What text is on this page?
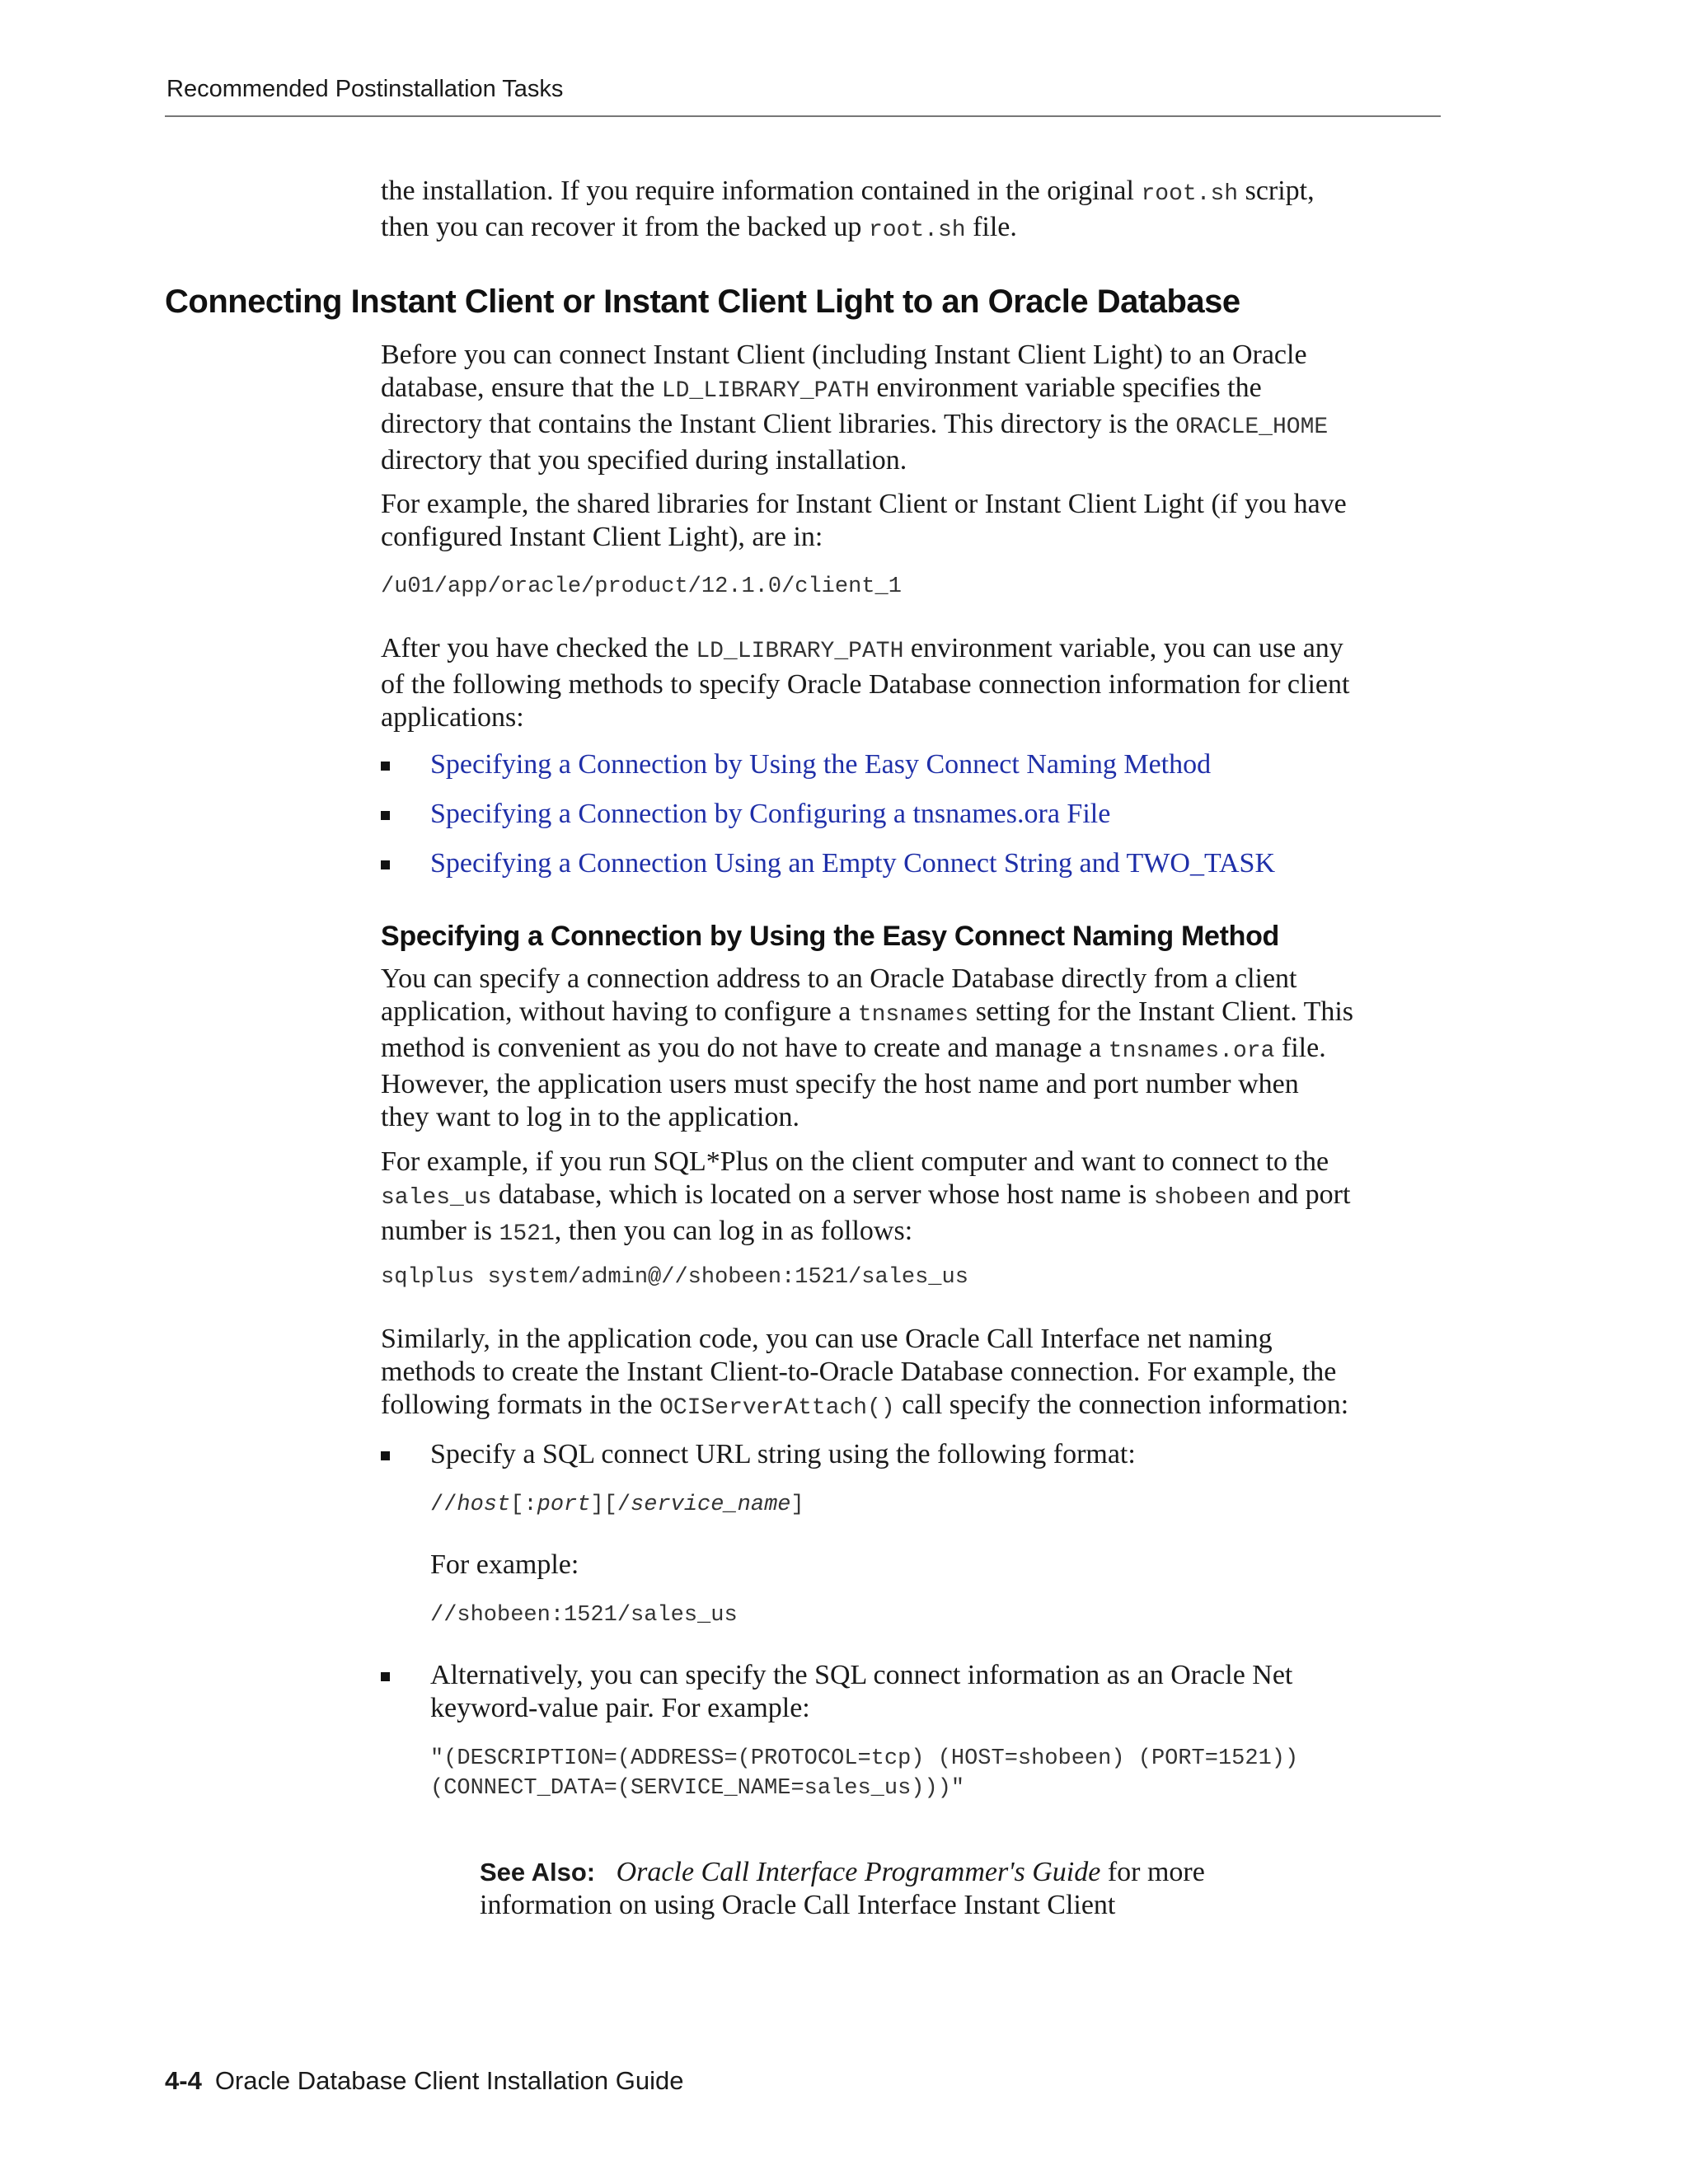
Recommended Postinstallation Tasks

the installation. If you require information contained in the original root.sh script,
then you can recover it from the backed up root.sh file.

Connecting Instant Client or Instant Client Light to an Oracle Database

Before you can connect Instant Client (including Instant Client Light) to an Oracle
database, ensure that the LD_LIBRARY_PATH environment variable specifies the
directory that contains the Instant Client libraries. This directory is the ORACLE_HOME
directory that you specified during installation.

For example, the shared libraries for Instant Client or Instant Client Light (if you have
configured Instant Client Light), are in:

/u01/app/oracle/product/12.1.0/client_1

After you have checked the LD_LIBRARY_PATH environment variable, you can use any
of the following methods to specify Oracle Database connection information for client
applications:

Specifying a Connection by Using the Easy Connect Naming Method
Specifying a Connection by Configuring a tnsnames.ora File
Specifying a Connection Using an Empty Connect String and TWO_TASK
Specifying a Connection by Using the Easy Connect Naming Method

You can specify a connection address to an Oracle Database directly from a client
application, without having to configure a tnsnames setting for the Instant Client. This
method is convenient as you do not have to create and manage a tnsnames.ora file.
However, the application users must specify the host name and port number when
they want to log in to the application.

For example, if you run SQL*Plus on the client computer and want to connect to the
sales_us database, which is located on a server whose host name is shobeen and port
number is 1521, then you can log in as follows:

sqlplus system/admin@//shobeen:1521/sales_us

Similarly, in the application code, you can use Oracle Call Interface net naming
methods to create the Instant Client-to-Oracle Database connection. For example, the
following formats in the OCIServerAttach() call specify the connection information:

Specify a SQL connect URL string using the following format:
//host[:port][/service_name]

For example:

//shobeen:1521/sales_us
Alternatively, you can specify the SQL connect information as an Oracle Net
keyword-value pair. For example:
"(DESCRIPTION=(ADDRESS=(PROTOCOL=tcp) (HOST=shobeen) (PORT=1521))
(CONNECT_DATA=(SERVICE_NAME=sales_us)))"

See Also: Oracle Call Interface Programmer's Guide for more
information on using Oracle Call Interface Instant Client

4-4 Oracle Database Client Installation Guide
